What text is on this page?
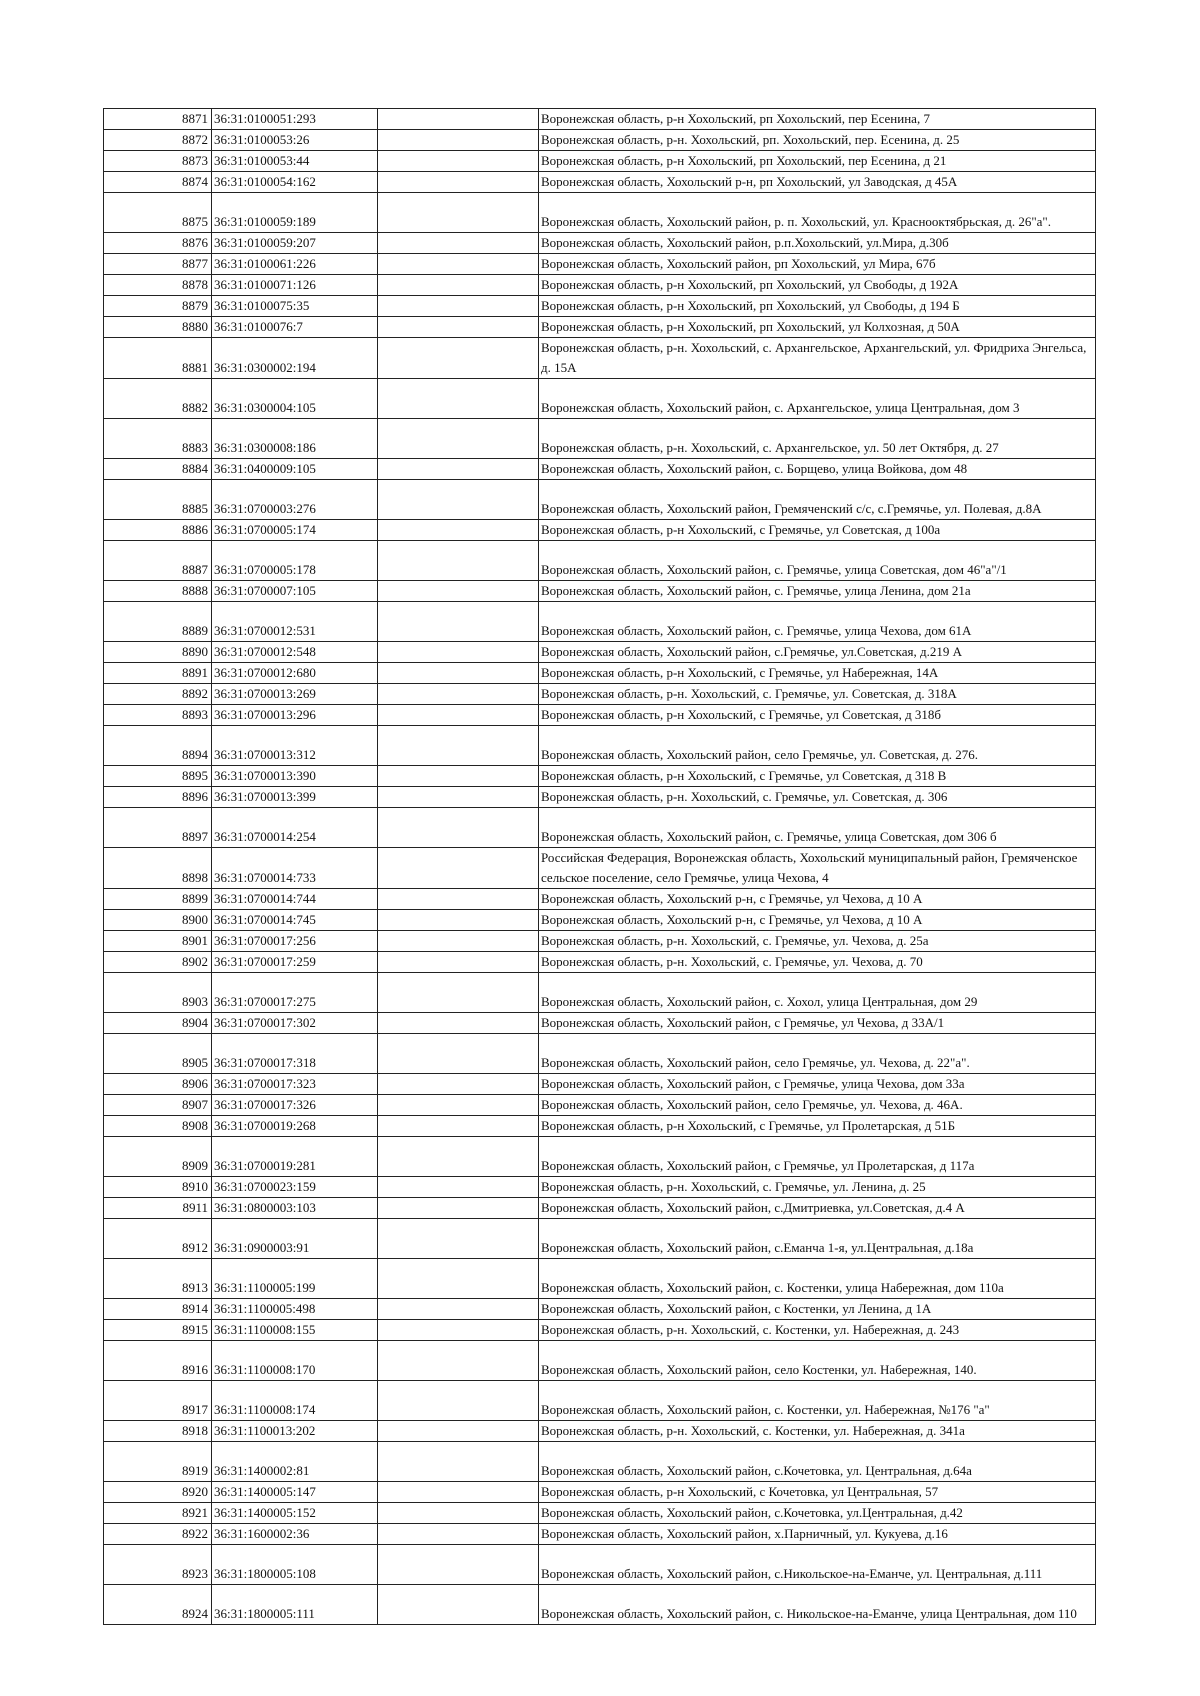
8871	36:31:0100051:293		Воронежская область, р-н Хохольский, рп Хохольский, пер Есенина, 7
8872	36:31:0100053:26		Воронежская область, р-н. Хохольский, рп. Хохольский, пер. Есенина, д. 25
8873	36:31:0100053:44		Воронежская область, р-н Хохольский, рп Хохольский, пер Есенина, д 21
8874	36:31:0100054:162		Воронежская область, Хохольский р-н, рп Хохольский, ул Заводская, д 45А
8875	36:31:0100059:189		Воронежская область, Хохольский район, р. п. Хохольский, ул. Краснооктябрьская, д. 26"а".
8876	36:31:0100059:207		Воронежская область, Хохольский район, р.п.Хохольский, ул.Мира, д.30б
8877	36:31:0100061:226		Воронежская область, Хохольский район, рп Хохольский, ул Мира, 67б
8878	36:31:0100071:126		Воронежская область, р-н Хохольский, рп Хохольский, ул Свободы, д 192А
8879	36:31:0100075:35		Воронежская область, р-н Хохольский, рп Хохольский, ул Свободы, д 194 Б
8880	36:31:0100076:7		Воронежская область, р-н Хохольский, рп Хохольский, ул Колхозная, д 50А
8881	36:31:0300002:194		Воронежская область, р-н. Хохольский, с. Архангельское, Архангельский, ул. Фридриха Энгельса, д. 15А
8882	36:31:0300004:105		Воронежская область, Хохольский район, с. Архангельское, улица Центральная, дом 3
8883	36:31:0300008:186		Воронежская область, р-н. Хохольский, с. Архангельское, ул. 50 лет Октября, д. 27
8884	36:31:0400009:105		Воронежская область, Хохольский район, с. Борщево, улица Войкова, дом 48
8885	36:31:0700003:276		Воронежская область, Хохольский район, Гремяченский с/с, с.Гремячье, ул. Полевая, д.8А
8886	36:31:0700005:174		Воронежская область, р-н Хохольский, с Гремячье, ул Советская, д 100а
8887	36:31:0700005:178		Воронежская область, Хохольский район, с. Гремячье, улица Советская, дом 46"а"/1
8888	36:31:0700007:105		Воронежская область, Хохольский район, с. Гремячье, улица Ленина, дом 21а
8889	36:31:0700012:531		Воронежская область, Хохольский район, с. Гремячье, улица Чехова, дом 61А
8890	36:31:0700012:548		Воронежская область, Хохольский район, с.Гремячье, ул.Советская, д.219 А
8891	36:31:0700012:680		Воронежская область, р-н Хохольский, с Гремячье, ул Набережная, 14А
8892	36:31:0700013:269		Воронежская область, р-н. Хохольский, с. Гремячье, ул. Советская, д. 318А
8893	36:31:0700013:296		Воронежская область, р-н Хохольский, с Гремячье, ул Советская, д 318б
8894	36:31:0700013:312		Воронежская область, Хохольский район, село Гремячье, ул. Советская, д. 276.
8895	36:31:0700013:390		Воронежская область, р-н Хохольский, с Гремячье, ул Советская, д 318 В
8896	36:31:0700013:399		Воронежская область, р-н. Хохольский, с. Гремячье, ул. Советская, д. 306
8897	36:31:0700014:254		Воронежская область, Хохольский район, с. Гремячье, улица Советская, дом 306 б
8898	36:31:0700014:733		Российская Федерация, Воронежская область, Хохольский муниципальный район, Гремяченское сельское поселение, село Гремячье, улица Чехова, 4
8899	36:31:0700014:744		Воронежская область, Хохольский р-н, с Гремячье, ул Чехова, д 10 А
8900	36:31:0700014:745		Воронежская область, Хохольский р-н, с Гремячье, ул Чехова, д 10 А
8901	36:31:0700017:256		Воронежская область, р-н. Хохольский, с. Гремячье, ул. Чехова, д. 25а
8902	36:31:0700017:259		Воронежская область, р-н. Хохольский, с. Гремячье, ул. Чехова, д. 70
8903	36:31:0700017:275		Воронежская область, Хохольский район, с. Хохол, улица Центральная, дом 29
8904	36:31:0700017:302		Воронежская область, Хохольский район, с Гремячье, ул Чехова, д 33А/1
8905	36:31:0700017:318		Воронежская область, Хохольский район, село Гремячье, ул. Чехова, д. 22"а".
8906	36:31:0700017:323		Воронежская область, Хохольский район, с Гремячье, улица Чехова, дом 33а
8907	36:31:0700017:326		Воронежская область, Хохольский район, село Гремячье, ул. Чехова, д. 46А.
8908	36:31:0700019:268		Воронежская область, р-н Хохольский, с Гремячье, ул Пролетарская, д 51Б
8909	36:31:0700019:281		Воронежская область, Хохольский район, с Гремячье, ул Пролетарская, д 117а
8910	36:31:0700023:159		Воронежская область, р-н. Хохольский, с. Гремячье, ул. Ленина, д. 25
8911	36:31:0800003:103		Воронежская область, Хохольский район, с.Дмитриевка, ул.Советская, д.4 А
8912	36:31:0900003:91		Воронежская область, Хохольский район, с.Еманча 1-я, ул.Центральная, д.18а
8913	36:31:1100005:199		Воронежская область, Хохольский район, с. Костенки, улица Набережная, дом 110а
8914	36:31:1100005:498		Воронежская область, Хохольский район, с Костенки, ул Ленина, д 1А
8915	36:31:1100008:155		Воронежская область, р-н. Хохольский, с. Костенки, ул. Набережная, д. 243
8916	36:31:1100008:170		Воронежская область, Хохольский район, село Костенки, ул. Набережная, 140.
8917	36:31:1100008:174		Воронежская область, Хохольский район, с. Костенки, ул. Набережная, №176 "а"
8918	36:31:1100013:202		Воронежская область, р-н. Хохольский, с. Костенки, ул. Набережная, д. 341а
8919	36:31:1400002:81		Воронежская область, Хохольский район, с.Кочетовка, ул. Центральная, д.64а
8920	36:31:1400005:147		Воронежская область, р-н Хохольский, с Кочетовка, ул Центральная, 57
8921	36:31:1400005:152		Воронежская область, Хохольский район, с.Кочетовка, ул.Центральная, д.42
8922	36:31:1600002:36		Воронежская область, Хохольский район, х.Парничный, ул. Кукуева, д.16
8923	36:31:1800005:108		Воронежская область, Хохольский район, с.Никольское-на-Еманче, ул. Центральная, д.111
8924	36:31:1800005:111		Воронежская область, Хохольский район, с. Никольское-на-Еманче, улица Центральная, дом 110
